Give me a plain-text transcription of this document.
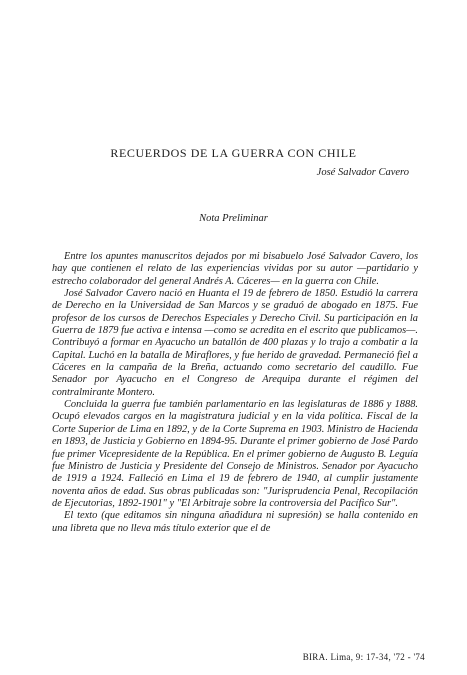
RECUERDOS DE LA GUERRA CON CHILE
José Salvador Cavero
Nota Preliminar

Entre los apuntes manuscritos dejados por mi bisabuelo José Salvador Cavero, los hay que contienen el relato de las experiencias vividas por su autor —partidario y estrecho colaborador del general Andrés A. Cáceres— en la guerra con Chile.

José Salvador Cavero nació en Huanta el 19 de febrero de 1850. Estudió la carrera de Derecho en la Universidad de San Marcos y se graduó de abogado en 1875. Fue profesor de los cursos de Derechos Especiales y Derecho Civil. Su participación en la Guerra de 1879 fue activa e intensa —como se acredita en el escrito que publicamos—. Contribuyó a formar en Ayacucho un batallón de 400 plazas y lo trajo a combatir a la Capital. Luchó en la batalla de Miraflores, y fue herido de gravedad. Permaneció fiel a Cáceres en la campaña de la Breña, actuando como secretario del caudillo. Fue Senador por Ayacucho en el Congreso de Arequipa durante el régimen del contralmirante Montero.

Concluida la guerra fue también parlamentario en las legislaturas de 1886 y 1888. Ocupó elevados cargos en la magistratura judicial y en la vida política. Fiscal de la Corte Superior de Lima en 1892, y de la Corte Suprema en 1903. Ministro de Hacienda en 1893, de Justicia y Gobierno en 1894-95. Durante el primer gobierno de José Pardo fue primer Vicepresidente de la República. En el primer gobierno de Augusto B. Leguía fue Ministro de Justicia y Presidente del Consejo de Ministros. Senador por Ayacucho de 1919 a 1924. Falleció en Lima el 19 de febrero de 1940, al cumplir justamente noventa años de edad. Sus obras publicadas son: "Jurisprudencia Penal, Recopilación de Ejecutorias, 1892-1901" y "El Arbitraje sobre la controversia del Pacífico Sur".

El texto (que editamos sin ninguna añadidura ni supresión) se halla contenido en una libreta que no lleva más título exterior que el de

BIRA. Lima, 9: 17-34, '72 - '74
